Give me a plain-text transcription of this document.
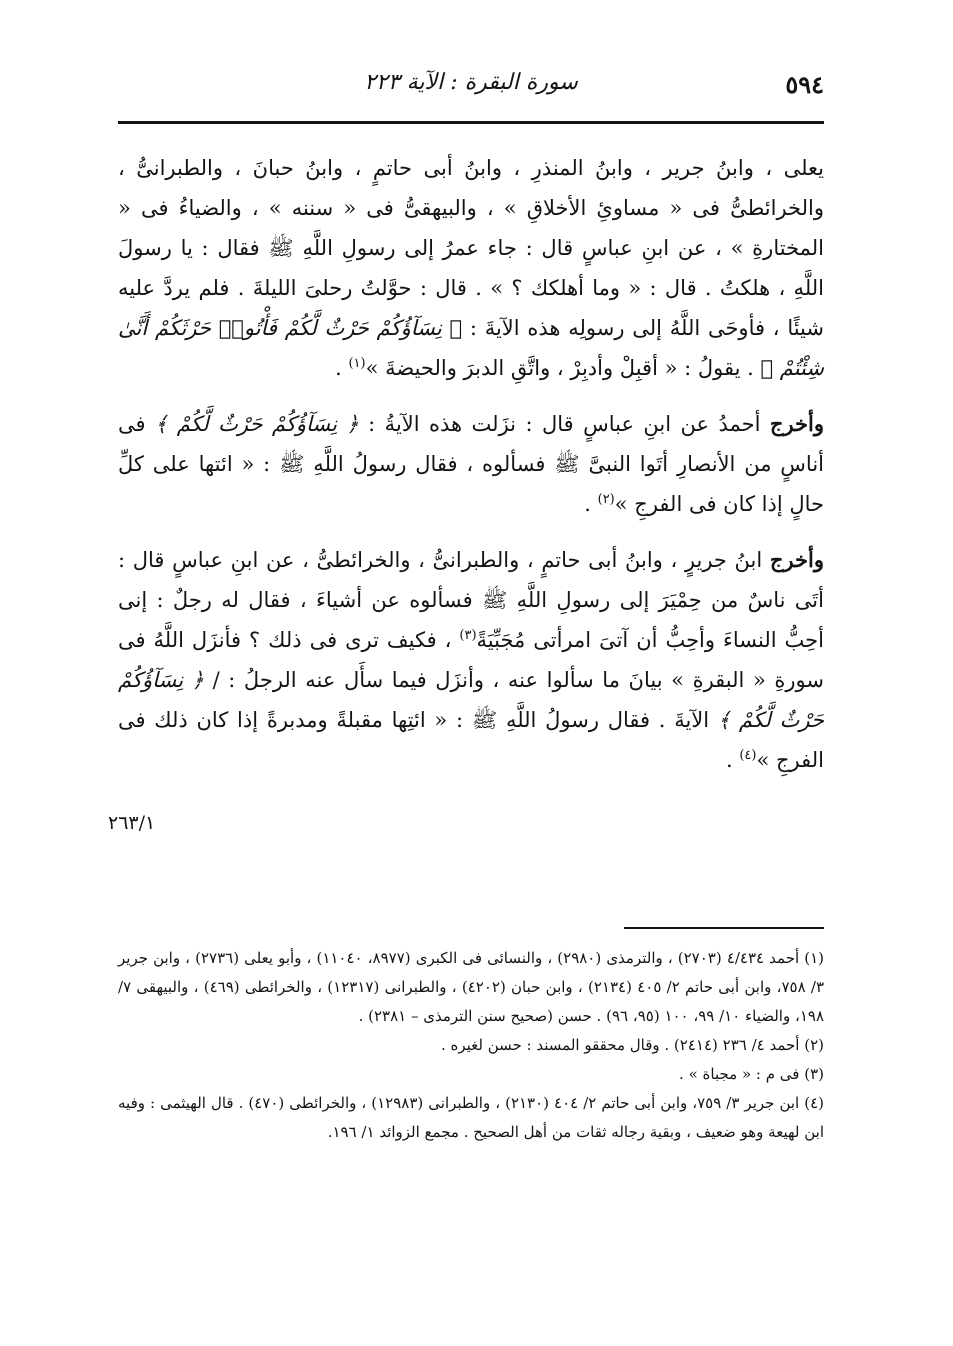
٥٩٤
سورة البقرة : الآية ٢٢٣

يعلى ، وابنُ جرير ، وابنُ المنذرِ ، وابنُ أبى حاتمٍ ، وابنُ حبانَ ، والطبرانىُّ ، والخرائطىُّ فى « مساوئِ الأخلاقِ » ، والبيهقىُّ فى « سننه » ، والضياءُ فى « المختارةِ » ، عن ابنِ عباسٍ قال : جاء عمرُ إلى رسولِ اللَّهِ ﷺ فقال : يا رسولَ اللَّهِ ، هلكتُ . قال : « وما أهلكك ؟ » . قال : حوَّلتُ رحلىَ الليلةَ . فلم يردَّ عليه شيئًا ، فأوحَى اللَّهُ إلى رسولِه هذه الآيةَ : ﴿ نِسَآؤُكُمْ حَرْثٌ لَّكُمْ فَأْتُوا۟ حَرْثَكُمْ أَنَّىٰ شِئْتُمْ ﴾ . يقولُ : « أقبِلْ وأدبِرْ ، واتَّقِ الدبرَ والحيضةَ »$^{(١)}$ .

وأخرج أحمدُ عن ابنِ عباسٍ قال : نزَلت هذه الآيةُ : ﴿ نِسَآؤُكُمْ حَرْثٌ لَّكُمْ ﴾ فى أناسٍ من الأنصارِ أتَوا النبىَّ ﷺ فسألوه ، فقال رسولُ اللَّهِ ﷺ : « ائتها على كلِّ حالٍ إذا كان فى الفرجِ »$^{(٢)}$ .

وأخرج ابنُ جريرٍ ، وابنُ أبى حاتمٍ ، والطبرانىُّ ، والخرائطىُّ ، عن ابنِ عباسٍ قال : أتَى ناسٌ من حِمْيَرَ إلى رسولِ اللَّهِ ﷺ فسألوه عن أشياءَ ، فقال له رجلٌ : إنى أحِبُّ النساءَ وأحِبُّ أن آتىَ امرأتى مُجَبِّيَةً$^{(٣)}$ ، فكيف ترى فى ذلك ؟ فأنزَل اللَّهُ فى سورةِ « البقرةِ » بيانَ ما سألوا عنه ، وأنزَل فيما سأَل عنه الرجلُ : / ﴿ نِسَآؤُكُمْ حَرْثٌ لَّكُمْ ﴾ الآيةَ . فقال رسولُ اللَّهِ ﷺ : « ائتِها مقبلةً ومدبرةً إذا كان ذلك فى الفرجِ »$^{(٤)}$ .

٢٦٣/١

(١) أحمد ٤/٤٣٤ (٢٧٠٣) ، والترمذى (٢٩٨٠) ، والنسائى فى الكبرى (٨٩٧٧، ١١٠٤٠) ، وأبو يعلى (٢٧٣٦) ، وابن جرير ٣/ ٧٥٨، وابن أبى حاتم ٢/ ٤٠٥ (٢١٣٤) ، وابن حبان (٤٢٠٢) ، والطبرانى (١٢٣١٧) ، والخرائطى (٤٦٩) ، والبيهقى ٧/ ١٩٨، والضياء ١٠/ ٩٩، ١٠٠ (٩٥، ٩٦) . حسن (صحيح سنن الترمذى – ٢٣٨١) .

(٢) أحمد ٤/ ٢٣٦ (٢٤١٤) . وقال محققو المسند : حسن لغيره .

(٣) فى م : « مجباة » .

(٤) ابن جرير ٣/ ٧٥٩، وابن أبى حاتم ٢/ ٤٠٤ (٢١٣٠) ، والطبرانى (١٢٩٨٣) ، والخرائطى (٤٧٠) . قال الهيثمى : وفيه ابن لهيعة وهو ضعيف ، وبقية رجاله ثقات من أهل الصحيح . مجمع الزوائد ١/ ١٩٦.
